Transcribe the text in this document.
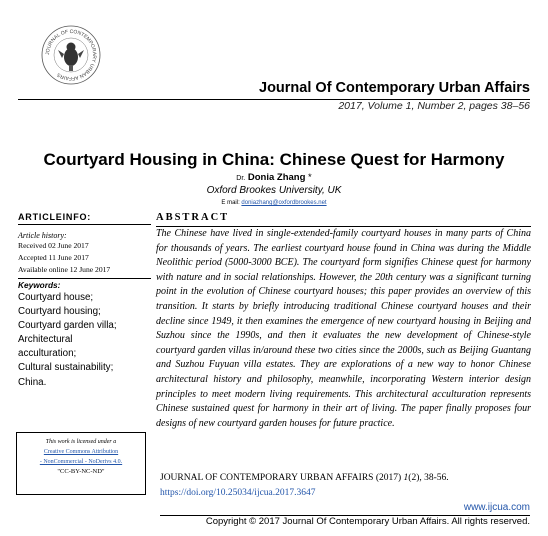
JOURNAL OF CONTEMPORARY URBAN AFFAIRS
Journal Of Contemporary Urban Affairs
2017, Volume 1, Number 2, pages 38–56
Courtyard Housing in China: Chinese Quest for Harmony
Dr. Donia Zhang *
Oxford Brookes University, UK
E mail: doniazhang@oxfordbrookes.net
ARTICLEINFO:
Article history:
Received 02 June 2017
Accepted 11 June 2017
Available online 12 June 2017
Keywords:
Courtyard house;
Courtyard housing;
Courtyard garden villa;
Architectural
acculturation;
Cultural sustainability;
China.
This work is licensed under a
Creative Commons Attribution
- NonCommercial - NoDerivs 4.0.
"CC-BY-NC-ND"
ABSTRACT
The Chinese have lived in single-extended-family courtyard houses in many parts of China for thousands of years. The earliest courtyard house found in China was during the Middle Neolithic period (5000-3000 BCE). The courtyard form signifies Chinese quest for harmony with nature and in social relationships. However, the 20th century was a significant turning point in the evolution of Chinese courtyard houses; this paper provides an overview of this transition. It starts by briefly introducing traditional Chinese courtyard houses and their decline since 1949, it then examines the emergence of new courtyard housing in Beijing and Suzhou since the 1990s, and then it evaluates the new development of Chinese-style courtyard garden villas in/around these two cities since the 2000s, such as Beijing Guantang and Suzhou Fuyuan villa estates. They are explorations of a new way to honor Chinese architectural history and philosophy, meanwhile, incorporating Western interior design principles to meet modern living requirements. This architectural acculturation represents Chinese sustained quest for harmony in their art of living. The paper finally proposes four designs of new courtyard garden houses for future practice.
JOURNAL OF CONTEMPORARY URBAN AFFAIRS (2017) 1(2), 38-56.
https://doi.org/10.25034/ijcua.2017.3647
www.ijcua.com
Copyright © 2017 Journal Of Contemporary Urban Affairs. All rights reserved.
